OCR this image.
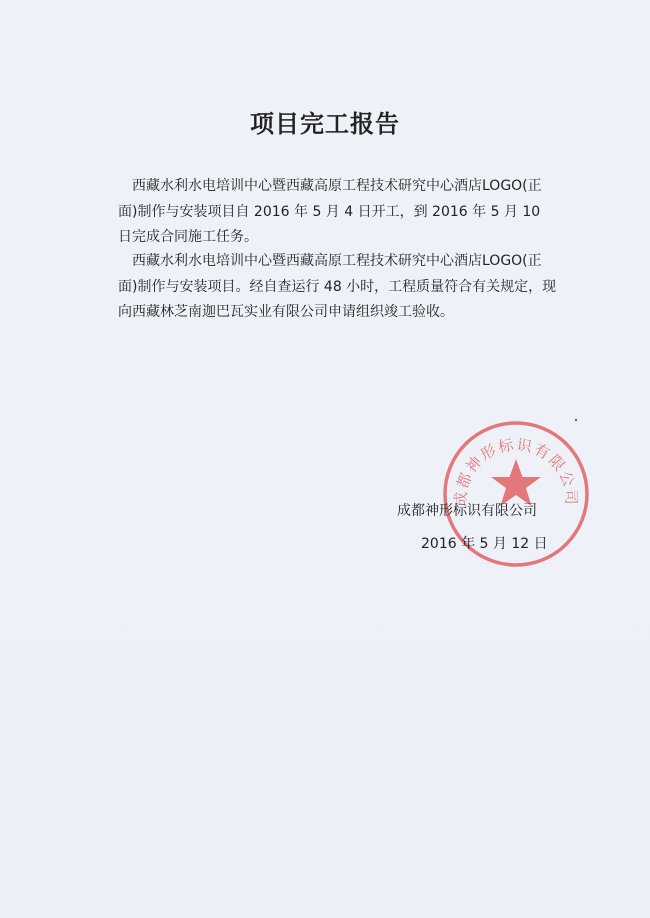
项目完工报告
西藏水利水电培训中心暨西藏高原工程技术研究中心酒店LOGO(正面)制作与安装项目自 2016 年 5 月 4 日开工，到 2016 年 5 月 10 日完成合同施工任务。
西藏水利水电培训中心暨西藏高原工程技术研究中心酒店LOGO(正面)制作与安装项目。经自查运行 48 小时，工程质量符合有关规定，现向西藏林芝南迦巴瓦实业有限公司申请组织竣工验收。
成都神形标识有限公司
成都神形标识有限公司
2016 年 5 月 12 日
